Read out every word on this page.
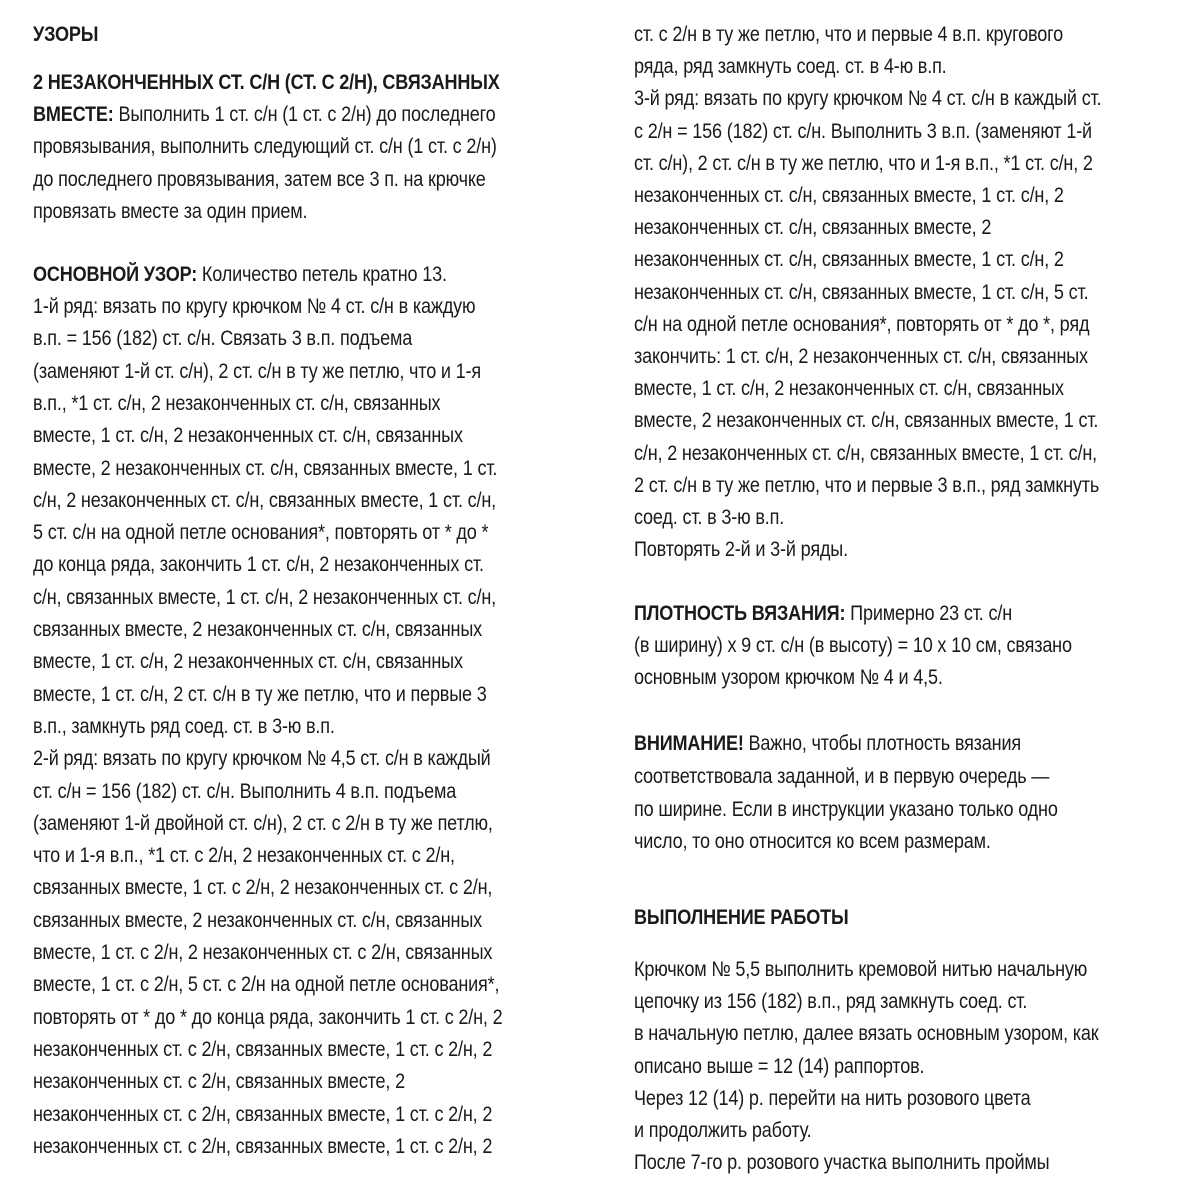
УЗОРЫ
2 НЕЗАКОНЧЕННЫХ СТ. С/Н (СТ. С 2/Н), СВЯЗАННЫХ
ВМЕСТЕ: Выполнить 1 ст. с/н (1 ст. с 2/н) до последнего
провязывания, выполнить следующий ст. с/н (1 ст. с 2/н)
до последнего провязывания, затем все 3 п. на крючке
провязать вместе за один прием.
ОСНОВНОЙ УЗОР: Количество петель кратно 13.
1-й ряд: вязать по кругу крючком № 4 ст. с/н в каждую
в.п. = 156 (182) ст. с/н. Связать 3 в.п. подъема
(заменяют 1-й ст. с/н), 2 ст. с/н в ту же петлю, что и 1-я
в.п., *1 ст. с/н, 2 незаконченных ст. с/н, связанных
вместе, 1 ст. с/н, 2 незаконченных ст. с/н, связанных
вместе, 2 незаконченных ст. с/н, связанных вместе, 1 ст.
с/н, 2 незаконченных ст. с/н, связанных вместе, 1 ст. с/н,
5 ст. с/н на одной петле основания*, повторять от * до *
до конца ряда, закончить 1 ст. с/н, 2 незаконченных ст.
с/н, связанных вместе, 1 ст. с/н, 2 незаконченных ст. с/н,
связанных вместе, 2 незаконченных ст. с/н, связанных
вместе, 1 ст. с/н, 2 незаконченных ст. с/н, связанных
вместе, 1 ст. с/н, 2 ст. с/н в ту же петлю, что и первые 3
в.п., замкнуть ряд соед. ст. в 3-ю в.п.
2-й ряд: вязать по кругу крючком № 4,5 ст. с/н в каждый
ст. с/н = 156 (182) ст. с/н. Выполнить 4 в.п. подъема
(заменяют 1-й двойной ст. с/н), 2 ст. с 2/н в ту же петлю,
что и 1-я в.п., *1 ст. с 2/н, 2 незаконченных ст. с 2/н,
связанных вместе, 1 ст. с 2/н, 2 незаконченных ст. с 2/н,
связанных вместе, 2 незаконченных ст. с/н, связанных
вместе, 1 ст. с 2/н, 2 незаконченных ст. с 2/н, связанных
вместе, 1 ст. с 2/н, 5 ст. с 2/н на одной петле основания*,
повторять от * до * до конца ряда, закончить 1 ст. с 2/н, 2
незаконченных ст. с 2/н, связанных вместе, 1 ст. с 2/н, 2
незаконченных ст. с 2/н, связанных вместе, 2
незаконченных ст. с 2/н, связанных вместе, 1 ст. с 2/н, 2
незаконченных ст. с 2/н, связанных вместе, 1 ст. с 2/н, 2
ст. с 2/н в ту же петлю, что и первые 4 в.п. кругового
ряда, ряд замкнуть соед. ст. в 4-ю в.п.
3-й ряд: вязать по кругу крючком № 4 ст. с/н в каждый ст.
с 2/н = 156 (182) ст. с/н. Выполнить 3 в.п. (заменяют 1-й
ст. с/н), 2 ст. с/н в ту же петлю, что и 1-я в.п., *1 ст. с/н, 2
незаконченных ст. с/н, связанных вместе, 1 ст. с/н, 2
незаконченных ст. с/н, связанных вместе, 2
незаконченных ст. с/н, связанных вместе, 1 ст. с/н, 2
незаконченных ст. с/н, связанных вместе, 1 ст. с/н, 5 ст.
с/н на одной петле основания*, повторять от * до *, ряд
закончить: 1 ст. с/н, 2 незаконченных ст. с/н, связанных
вместе, 1 ст. с/н, 2 незаконченных ст. с/н, связанных
вместе, 2 незаконченных ст. с/н, связанных вместе, 1 ст.
с/н, 2 незаконченных ст. с/н, связанных вместе, 1 ст. с/н,
2 ст. с/н в ту же петлю, что и первые 3 в.п., ряд замкнуть
соед. ст. в 3-ю в.п.
Повторять 2-й и 3-й ряды.
ПЛОТНОСТЬ ВЯЗАНИЯ: Примерно 23 ст. с/н
(в ширину) х 9 ст. с/н (в высоту) = 10 х 10 см, связано
основным узором крючком № 4 и 4,5.
ВНИМАНИЕ! Важно, чтобы плотность вязания
соответствовала заданной, и в первую очередь —
по ширине. Если в инструкции указано только одно
число, то оно относится ко всем размерам.
ВЫПОЛНЕНИЕ РАБОТЫ
Крючком № 5,5 выполнить кремовой нитью начальную
цепочку из 156 (182) в.п., ряд замкнуть соед. ст.
в начальную петлю, далее вязать основным узором, как
описано выше = 12 (14) раппортов.
Через 12 (14) р. перейти на нить розового цвета
и продолжить работу.
После 7-го р. розового участка выполнить проймы
